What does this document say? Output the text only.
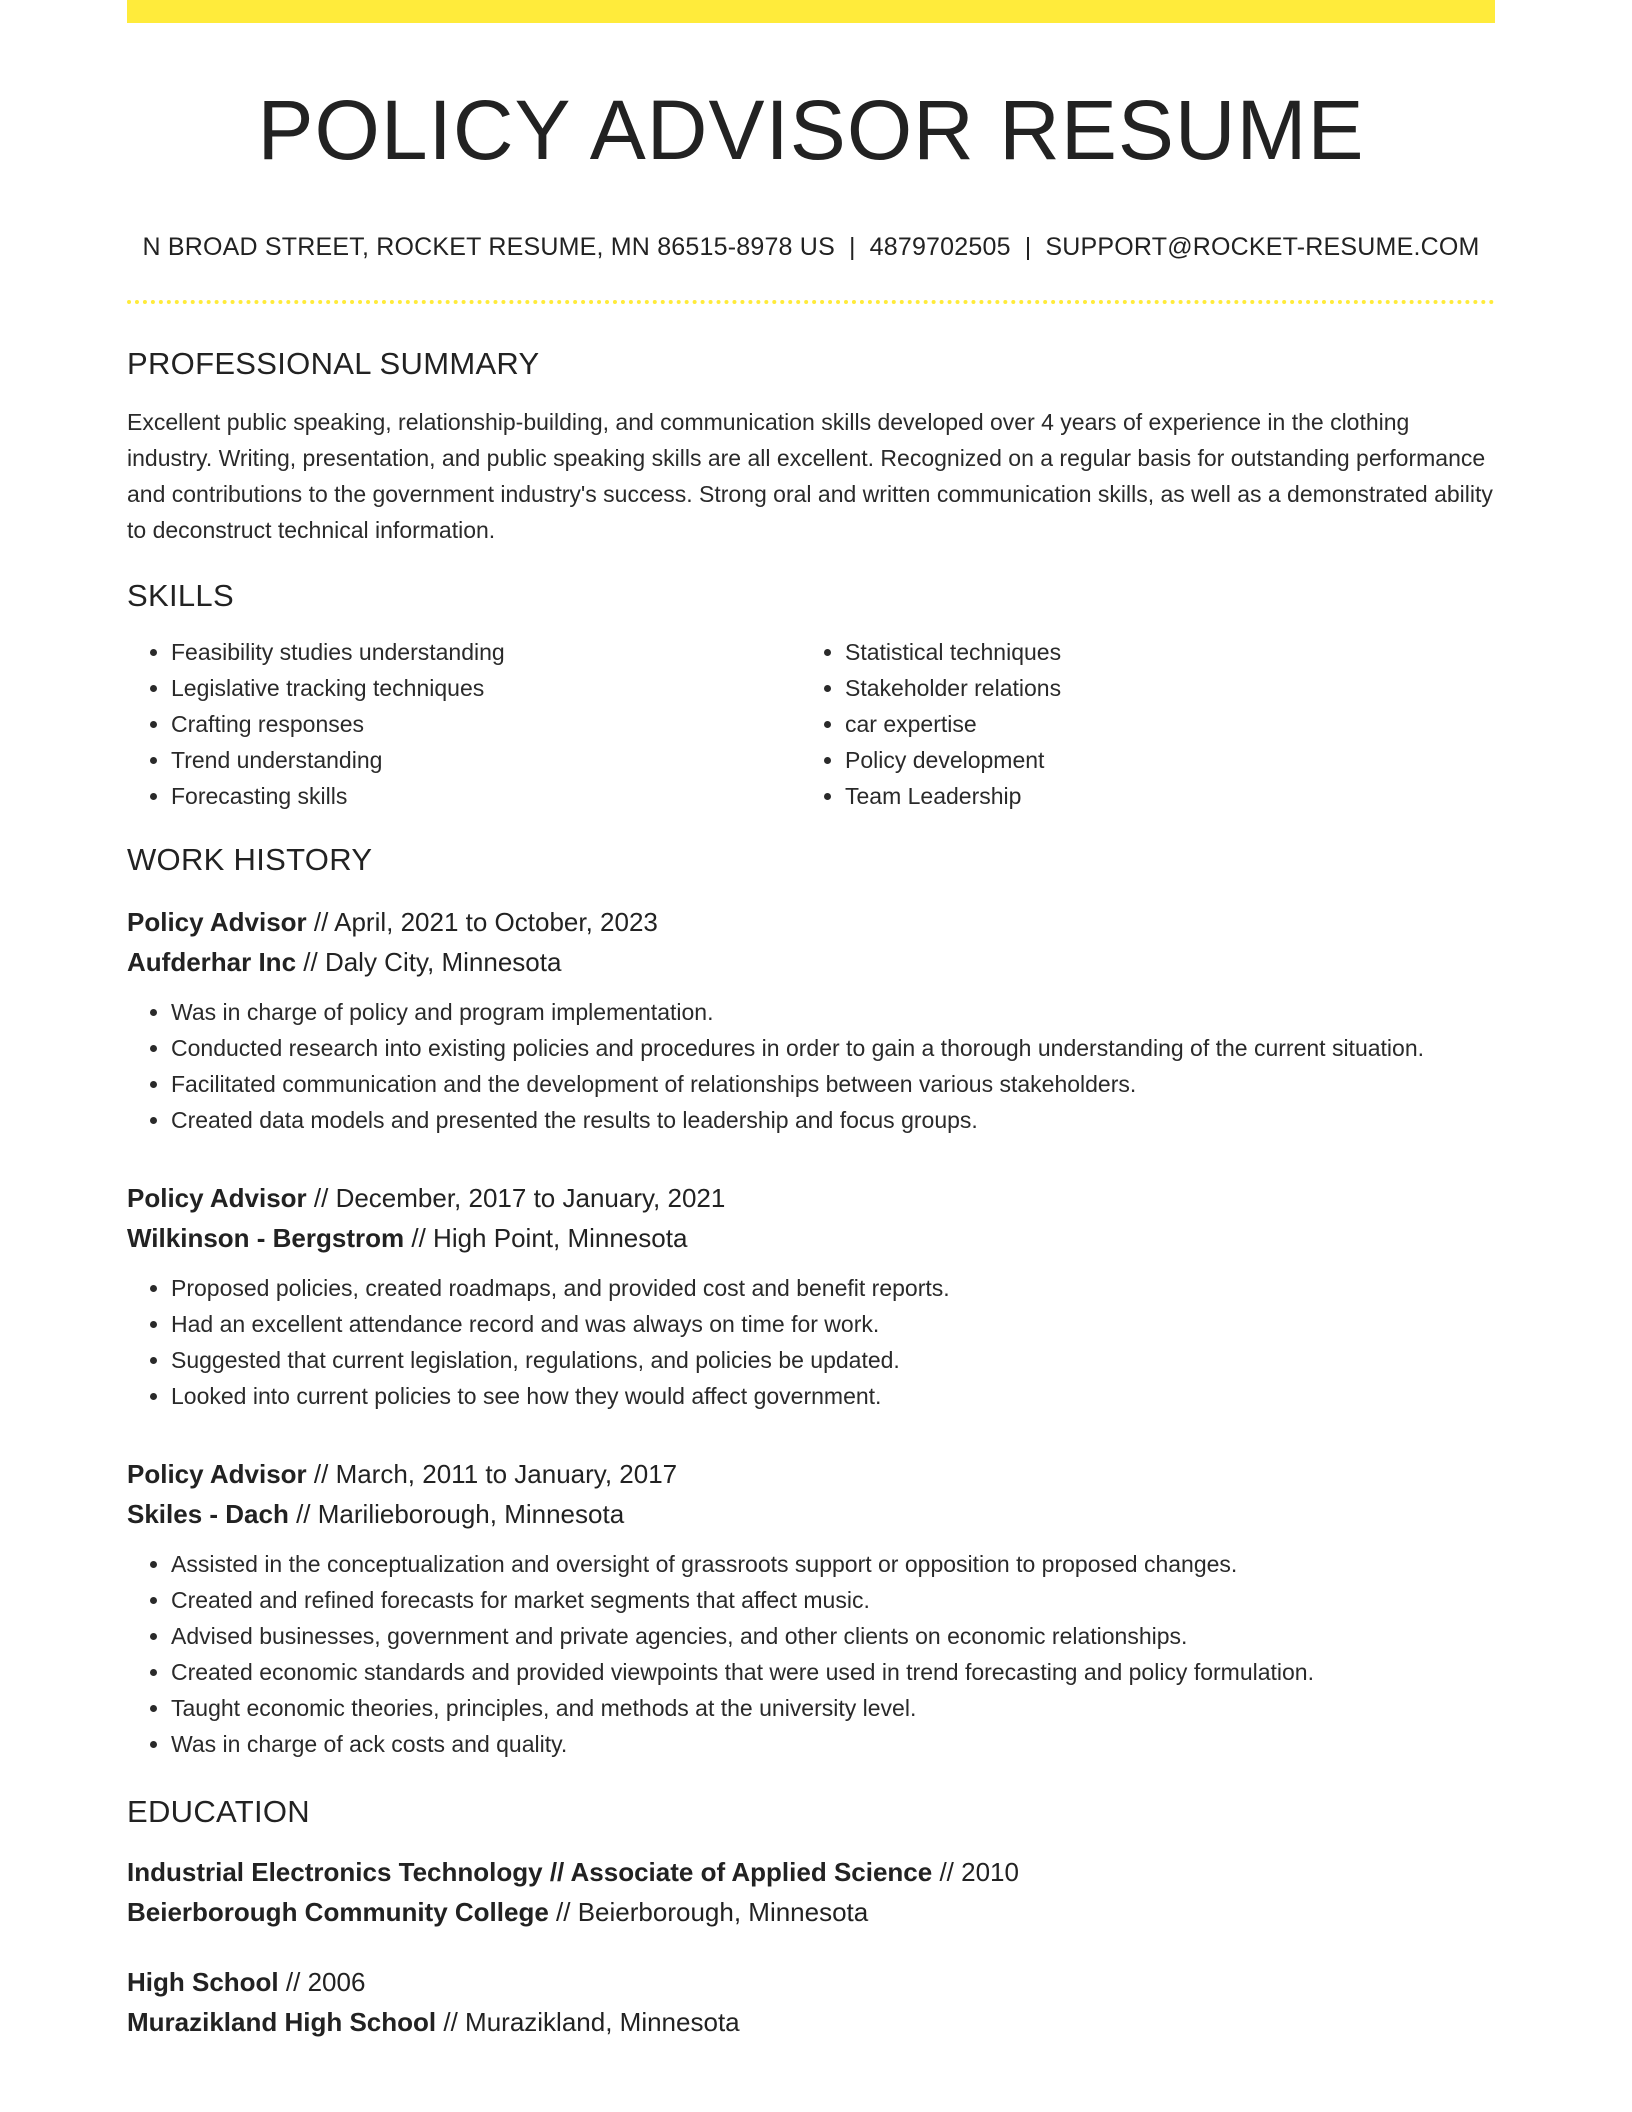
POLICY ADVISOR RESUME
N BROAD STREET, ROCKET RESUME, MN 86515-8978 US | 4879702505 | SUPPORT@ROCKET-RESUME.COM
PROFESSIONAL SUMMARY

Excellent public speaking, relationship-building, and communication skills developed over 4 years of experience in the clothing industry. Writing, presentation, and public speaking skills are all excellent. Recognized on a regular basis for outstanding performance and contributions to the government industry's success. Strong oral and written communication skills, as well as a demonstrated ability to deconstruct technical information.

SKILLS
• Feasibility studies understanding
• Legislative tracking techniques
• Crafting responses
• Trend understanding
• Forecasting skills
• Statistical techniques
• Stakeholder relations
• car expertise
• Policy development
• Team Leadership
WORK HISTORY
Policy Advisor // April, 2021 to October, 2023
Aufderhar Inc // Daly City, Minnesota
• Was in charge of policy and program implementation.
• Conducted research into existing policies and procedures in order to gain a thorough understanding of the current situation.
• Facilitated communication and the development of relationships between various stakeholders.
• Created data models and presented the results to leadership and focus groups.
Policy Advisor // December, 2017 to January, 2021
Wilkinson - Bergstrom // High Point, Minnesota
• Proposed policies, created roadmaps, and provided cost and benefit reports.
• Had an excellent attendance record and was always on time for work.
• Suggested that current legislation, regulations, and policies be updated.
• Looked into current policies to see how they would affect government.
Policy Advisor // March, 2011 to January, 2017
Skiles - Dach // Marilieborough, Minnesota
• Assisted in the conceptualization and oversight of grassroots support or opposition to proposed changes.
• Created and refined forecasts for market segments that affect music.
• Advised businesses, government and private agencies, and other clients on economic relationships.
• Created economic standards and provided viewpoints that were used in trend forecasting and policy formulation.
• Taught economic theories, principles, and methods at the university level.
• Was in charge of ack costs and quality.
EDUCATION
Industrial Electronics Technology // Associate of Applied Science // 2010
Beierborough Community College // Beierborough, Minnesota
High School // 2006
Murazikland High School // Murazikland, Minnesota
